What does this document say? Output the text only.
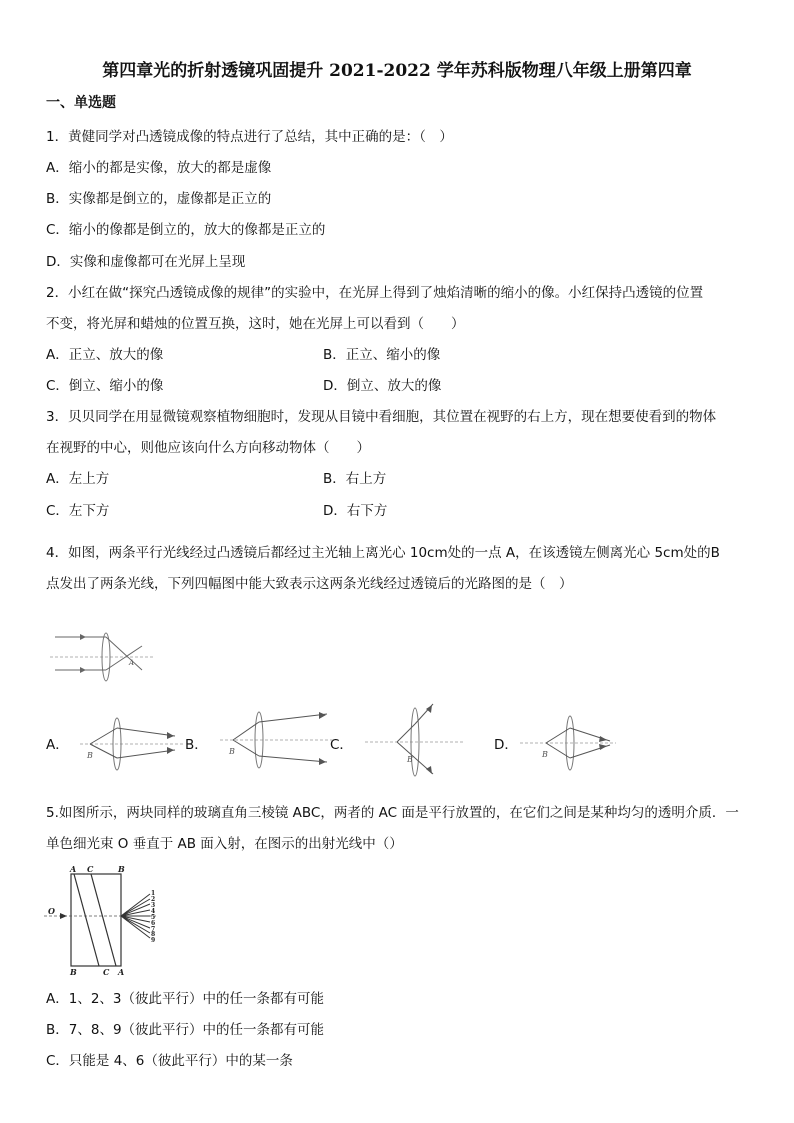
第四章光的折射透镜巩固提升 2021-2022 学年苏科版物理八年级上册第四章
一、单选题
1．黄健同学对凸透镜成像的特点进行了总结，其中正确的是：（　）
A．缩小的都是实像，放大的都是虚像
B．实像都是倒立的，虚像都是正立的
C．缩小的像都是倒立的，放大的像都是正立的
D．实像和虚像都可在光屏上呈现
2．小红在做“探究凸透镜成像的规律”的实验中，在光屏上得到了烛焰清晰的缩小的像。小红保持凸透镜的位置
不变，将光屏和蜡烛的位置互换，这时，她在光屏上可以看到（　　）
A．正立、放大的像	B．正立、缩小的像
C．倒立、缩小的像	D．倒立、放大的像
3．贝贝同学在用显微镜观察植物细胞时，发现从目镜中看细胞，其位置在视野的右上方，现在想要使看到的物体
在视野的中心，则他应该向什么方向移动物体（　　）
A．左上方	B．右上方
C．左下方	D．右下方
4．如图，两条平行光线经过凸透镜后都经过主光轴上离光心 10cm处的一点 A，在该透镜左侧离光心 5cm处的B
点发出了两条光线，下列四幅图中能大致表示这两条光线经过透镜后的光路图的是（　）
A
A．	B．	C．	D．
B	B
B
B
5.如图所示，两块同样的玻璃直角三棱镜 ABC，两者的 AC 面是平行放置的，在它们之间是某种均匀的透明介质．一
单色细光束 O 垂直于 AB 面入射，在图示的出射光线中（）
A C	B
B	C A
O
1
2
3
4
5
6
7
8
9
A．1、2、3（彼此平行）中的任一条都有可能
B．7、8、9（彼此平行）中的任一条都有可能
C．只能是 4、6（彼此平行）中的某一条
